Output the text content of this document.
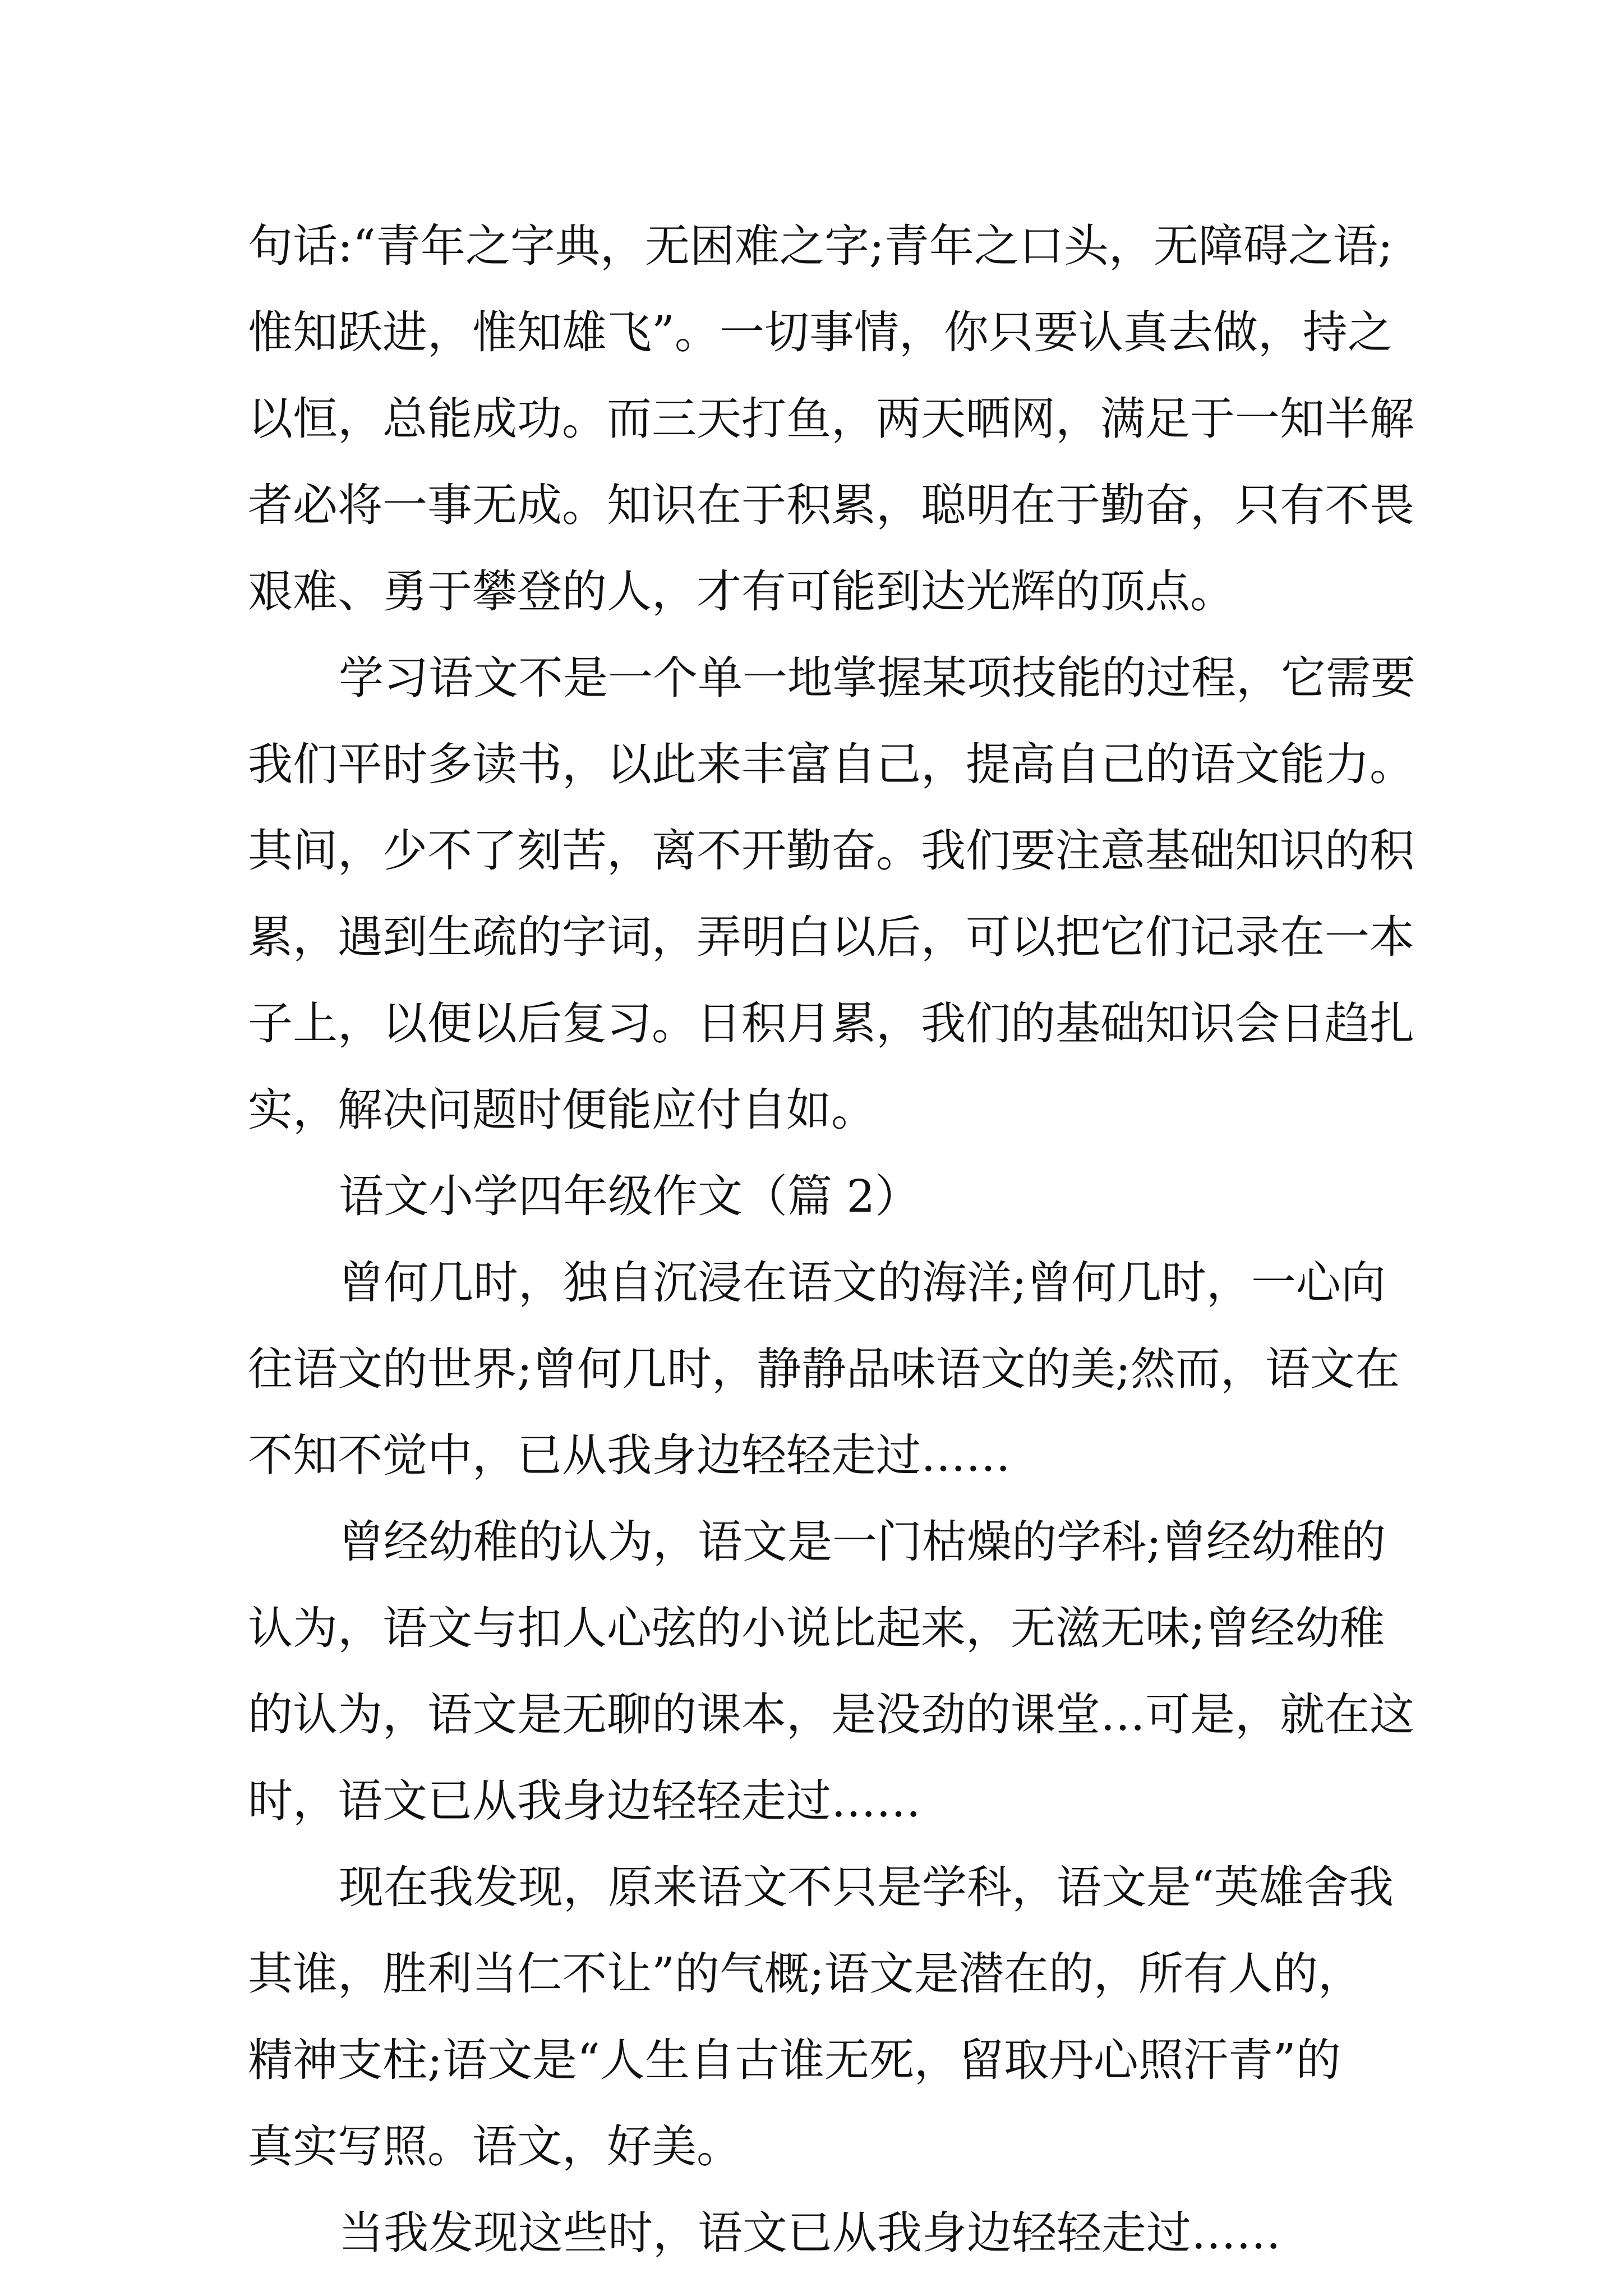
句话:“青年之字典，无困难之字;青年之口头，无障碍之语;
惟知跃进，惟知雄飞”。一切事情，你只要认真去做，持之
以恒，总能成功。而三天打鱼，两天晒网，满足于一知半解
者必将一事无成。知识在于积累，聪明在于勤奋，只有不畏
艰难、勇于攀登的人，才有可能到达光辉的顶点。
学习语文不是一个单一地掌握某项技能的过程，它需要
我们平时多读书，以此来丰富自己，提高自己的语文能力。
其间，少不了刻苦，离不开勤奋。我们要注意基础知识的积
累，遇到生疏的字词，弄明白以后，可以把它们记录在一本
子上，以便以后复习。日积月累，我们的基础知识会日趋扎
实，解决问题时便能应付自如。
语文小学四年级作文（篇 2）
曾何几时，独自沉浸在语文的海洋;曾何几时，一心向
往语文的世界;曾何几时，静静品味语文的美;然而，语文在
不知不觉中，已从我身边轻轻走过……
曾经幼稚的认为，语文是一门枯燥的学科;曾经幼稚的
认为，语文与扣人心弦的小说比起来，无滋无味;曾经幼稚
的认为，语文是无聊的课本，是没劲的课堂…可是，就在这
时，语文已从我身边轻轻走过……
现在我发现，原来语文不只是学科，语文是“英雄舍我
其谁，胜利当仁不让”的气概;语文是潜在的，所有人的，
精神支柱;语文是“人生自古谁无死，留取丹心照汗青”的
真实写照。语文，好美。
当我发现这些时，语文已从我身边轻轻走过……
